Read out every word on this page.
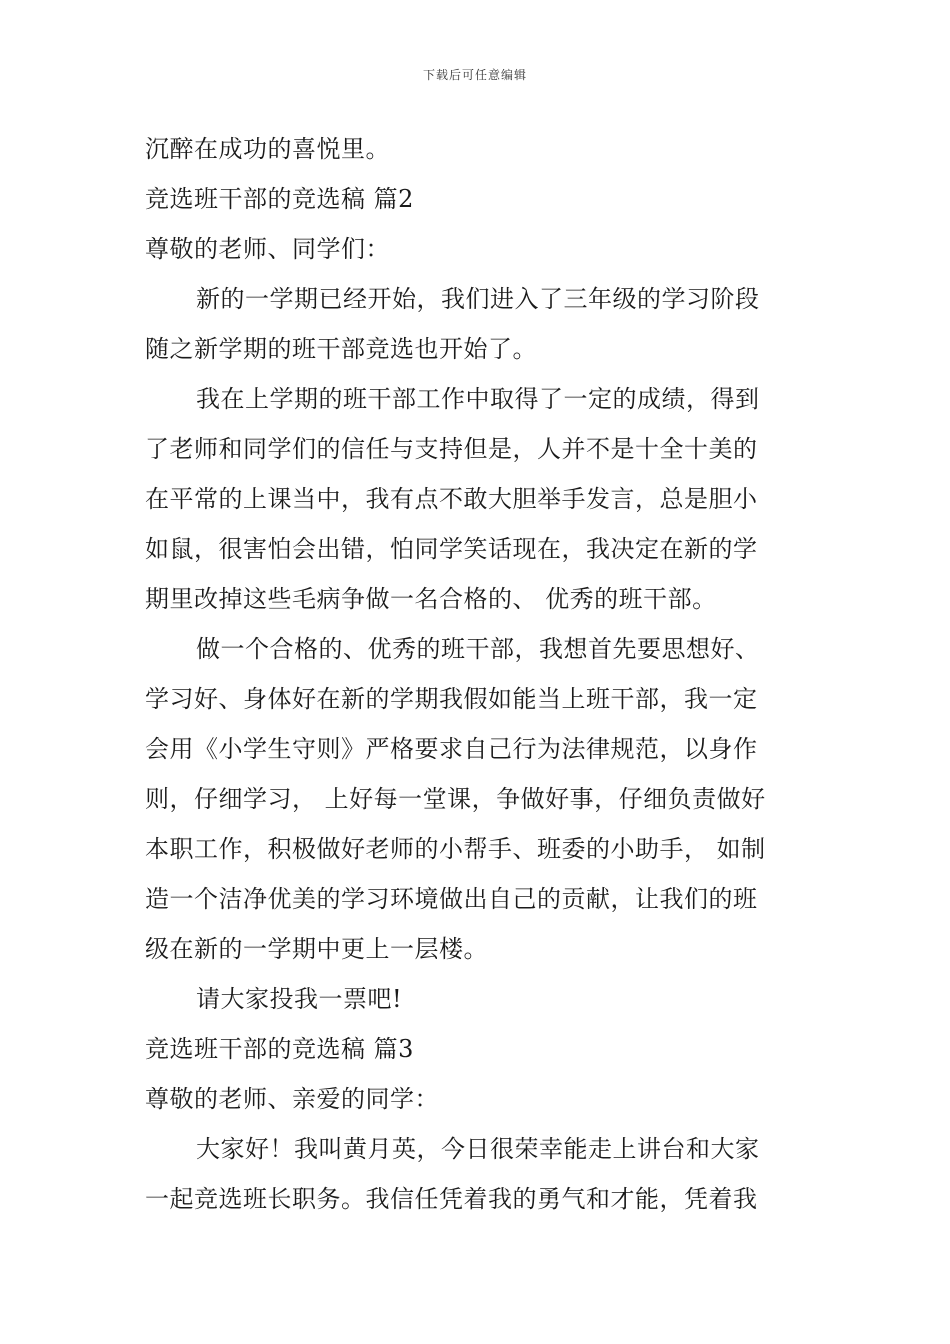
下载后可任意编辑
沉醉在成功的喜悦里。
竞选班干部的竞选稿 篇2
尊敬的老师、同学们：
新的一学期已经开始，我们进入了三年级的学习阶段
随之新学期的班干部竞选也开始了。
我在上学期的班干部工作中取得了一定的成绩，得到
了老师和同学们的信任与支持但是，人并不是十全十美的
在平常的上课当中，我有点不敢大胆举手发言，总是胆小
如鼠，很害怕会出错，怕同学笑话现在，我决定在新的学
期里改掉这些毛病争做一名合格的、 优秀的班干部。
做一个合格的、优秀的班干部，我想首先要思想好、
学习好、身体好在新的学期我假如能当上班干部，我一定
会用《小学生守则》严格要求自己行为法律规范，以身作
则，仔细学习， 上好每一堂课，争做好事，仔细负责做好
本职工作，积极做好老师的小帮手、班委的小助手， 如制
造一个洁净优美的学习环境做出自己的贡献，让我们的班
级在新的一学期中更上一层楼。
请大家投我一票吧!
竞选班干部的竞选稿 篇3
尊敬的老师、亲爱的同学：
大家好！我叫黄月英，今日很荣幸能走上讲台和大家
一起竞选班长职务。我信任凭着我的勇气和才能，凭着我
